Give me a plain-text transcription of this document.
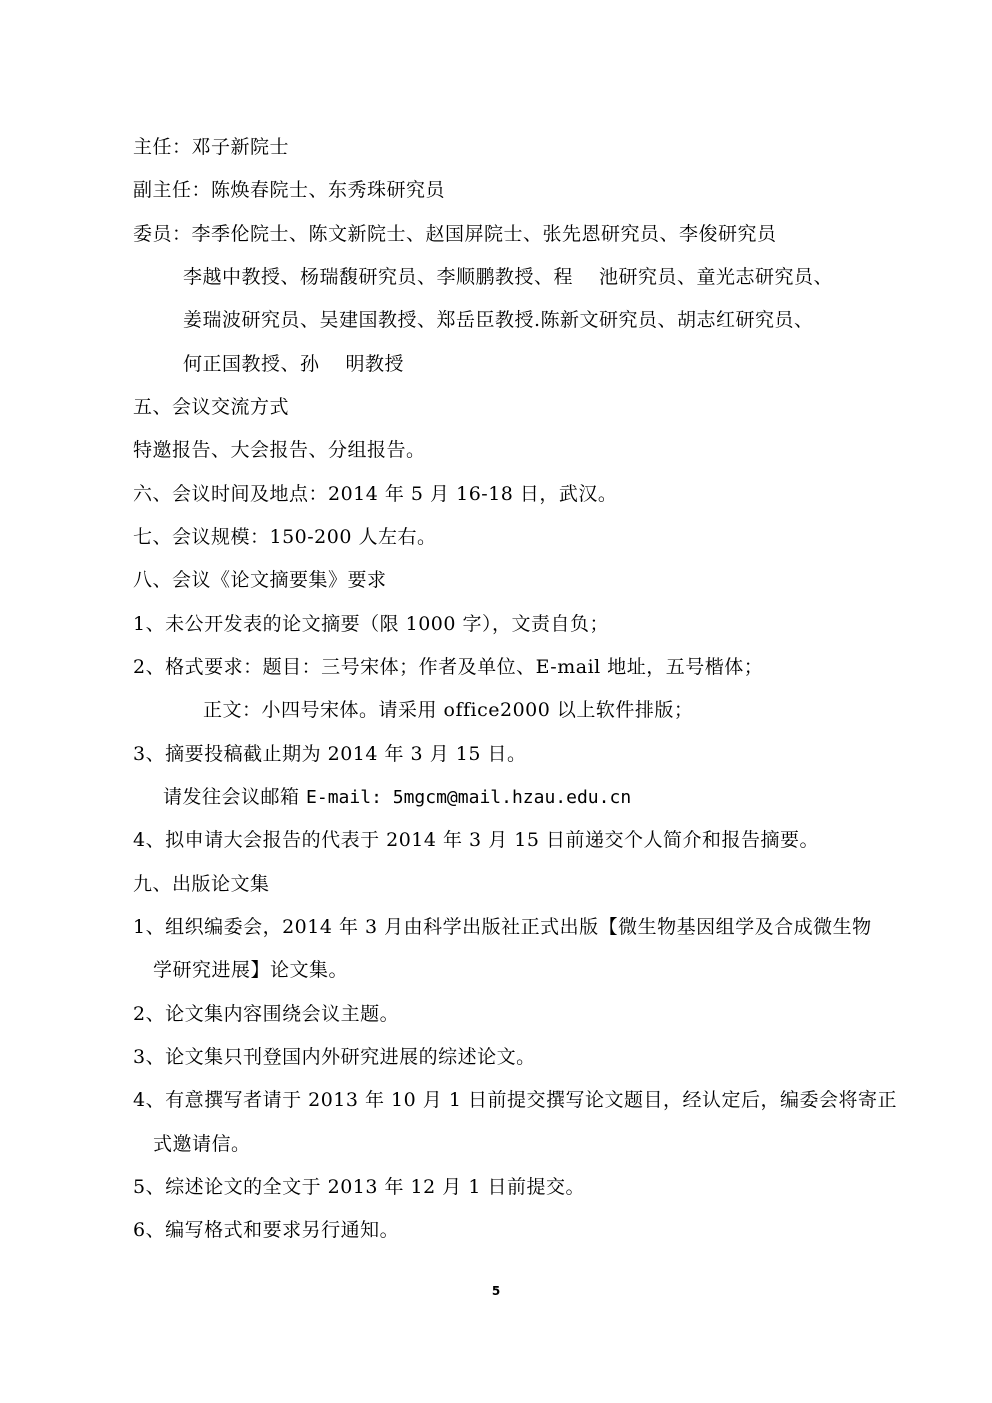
主任：邓子新院士
副主任：陈焕春院士、东秀珠研究员
委员：李季伦院士、陈文新院士、赵国屏院士、张先恩研究员、李俊研究员
李越中教授、杨瑞馥研究员、李顺鹏教授、程　 池研究员、童光志研究员、
姜瑞波研究员、吴建国教授、郑岳臣教授.陈新文研究员、胡志红研究员、
何正国教授、孙　 明教授
五、会议交流方式
特邀报告、大会报告、分组报告。
六、会议时间及地点：2014 年 5 月 16-18 日，武汉。
七、会议规模：150-200 人左右。
八、会议《论文摘要集》要求
1、未公开发表的论文摘要（限 1000 字），文责自负；
2、格式要求：题目：三号宋体；作者及单位、E-mail 地址，五号楷体；
正文：小四号宋体。请采用 office2000 以上软件排版；
3、摘要投稿截止期为 2014 年 3 月 15 日。
请发往会议邮箱 E-mail: 5mgcm@mail.hzau.edu.cn
4、拟申请大会报告的代表于 2014 年 3 月 15 日前递交个人简介和报告摘要。
九、出版论文集
1、组织编委会，2014 年 3 月由科学出版社正式出版【微生物基因组学及合成微生物
学研究进展】论文集。
2、论文集内容围绕会议主题。
3、论文集只刊登国内外研究进展的综述论文。
4、有意撰写者请于 2013 年 10 月 1 日前提交撰写论文题目，经认定后，编委会将寄正
式邀请信。
5、综述论文的全文于 2013 年 12 月 1 日前提交。
6、编写格式和要求另行通知。
5
